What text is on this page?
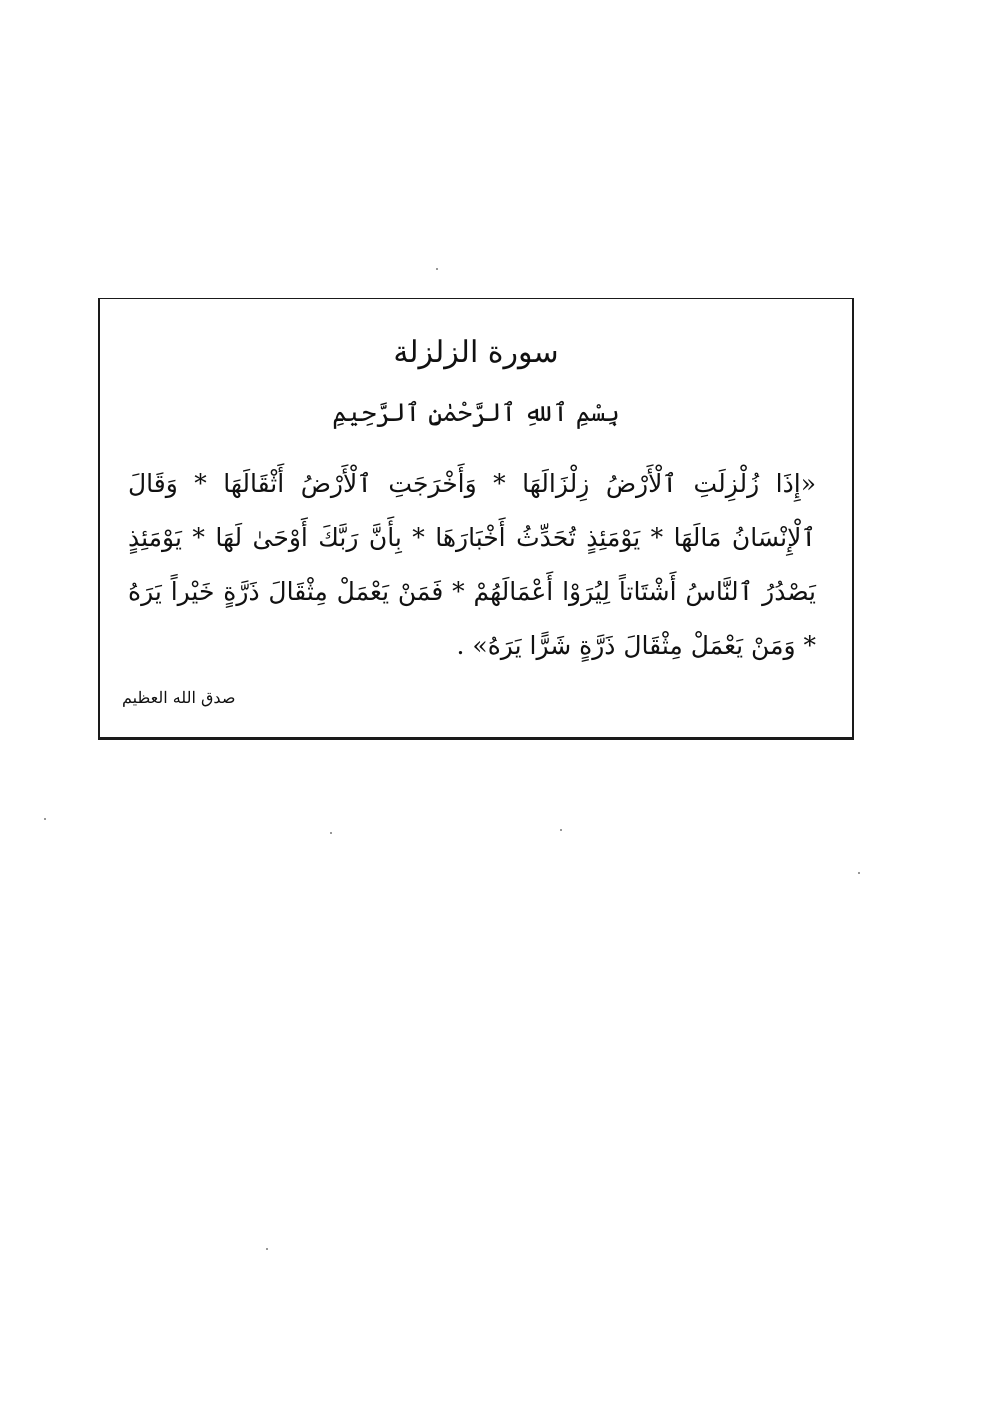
سورة الزلزلة
بِسْمِ ٱللهِ ٱلرَّحْمٰنِ ٱلرَّحِيمِ
«إِذَا زُلْزِلَتِ ٱلْأَرْضُ زِلْزَالَهَا * وَأَخْرَجَتِ ٱلْأَرْضُ أَثْقَالَهَا * وَقَالَ ٱلْإِنْسَانُ مَالَهَا * يَوْمَئِذٍ تُحَدِّثُ أَخْبَارَهَا * بِأَنَّ رَبَّكَ أَوْحَىٰ لَهَا * يَوْمَئِذٍ يَصْدُرُ ٱلنَّاسُ أَشْتَاتاً لِيُرَوْا أَعْمَالَهُمْ * فَمَنْ يَعْمَلْ مِثْقَالَ ذَرَّةٍ خَيْراً يَرَهُ * وَمَنْ يَعْمَلْ مِثْقَالَ ذَرَّةٍ شَرًّا يَرَهُ» .
صدق الله العظيم
